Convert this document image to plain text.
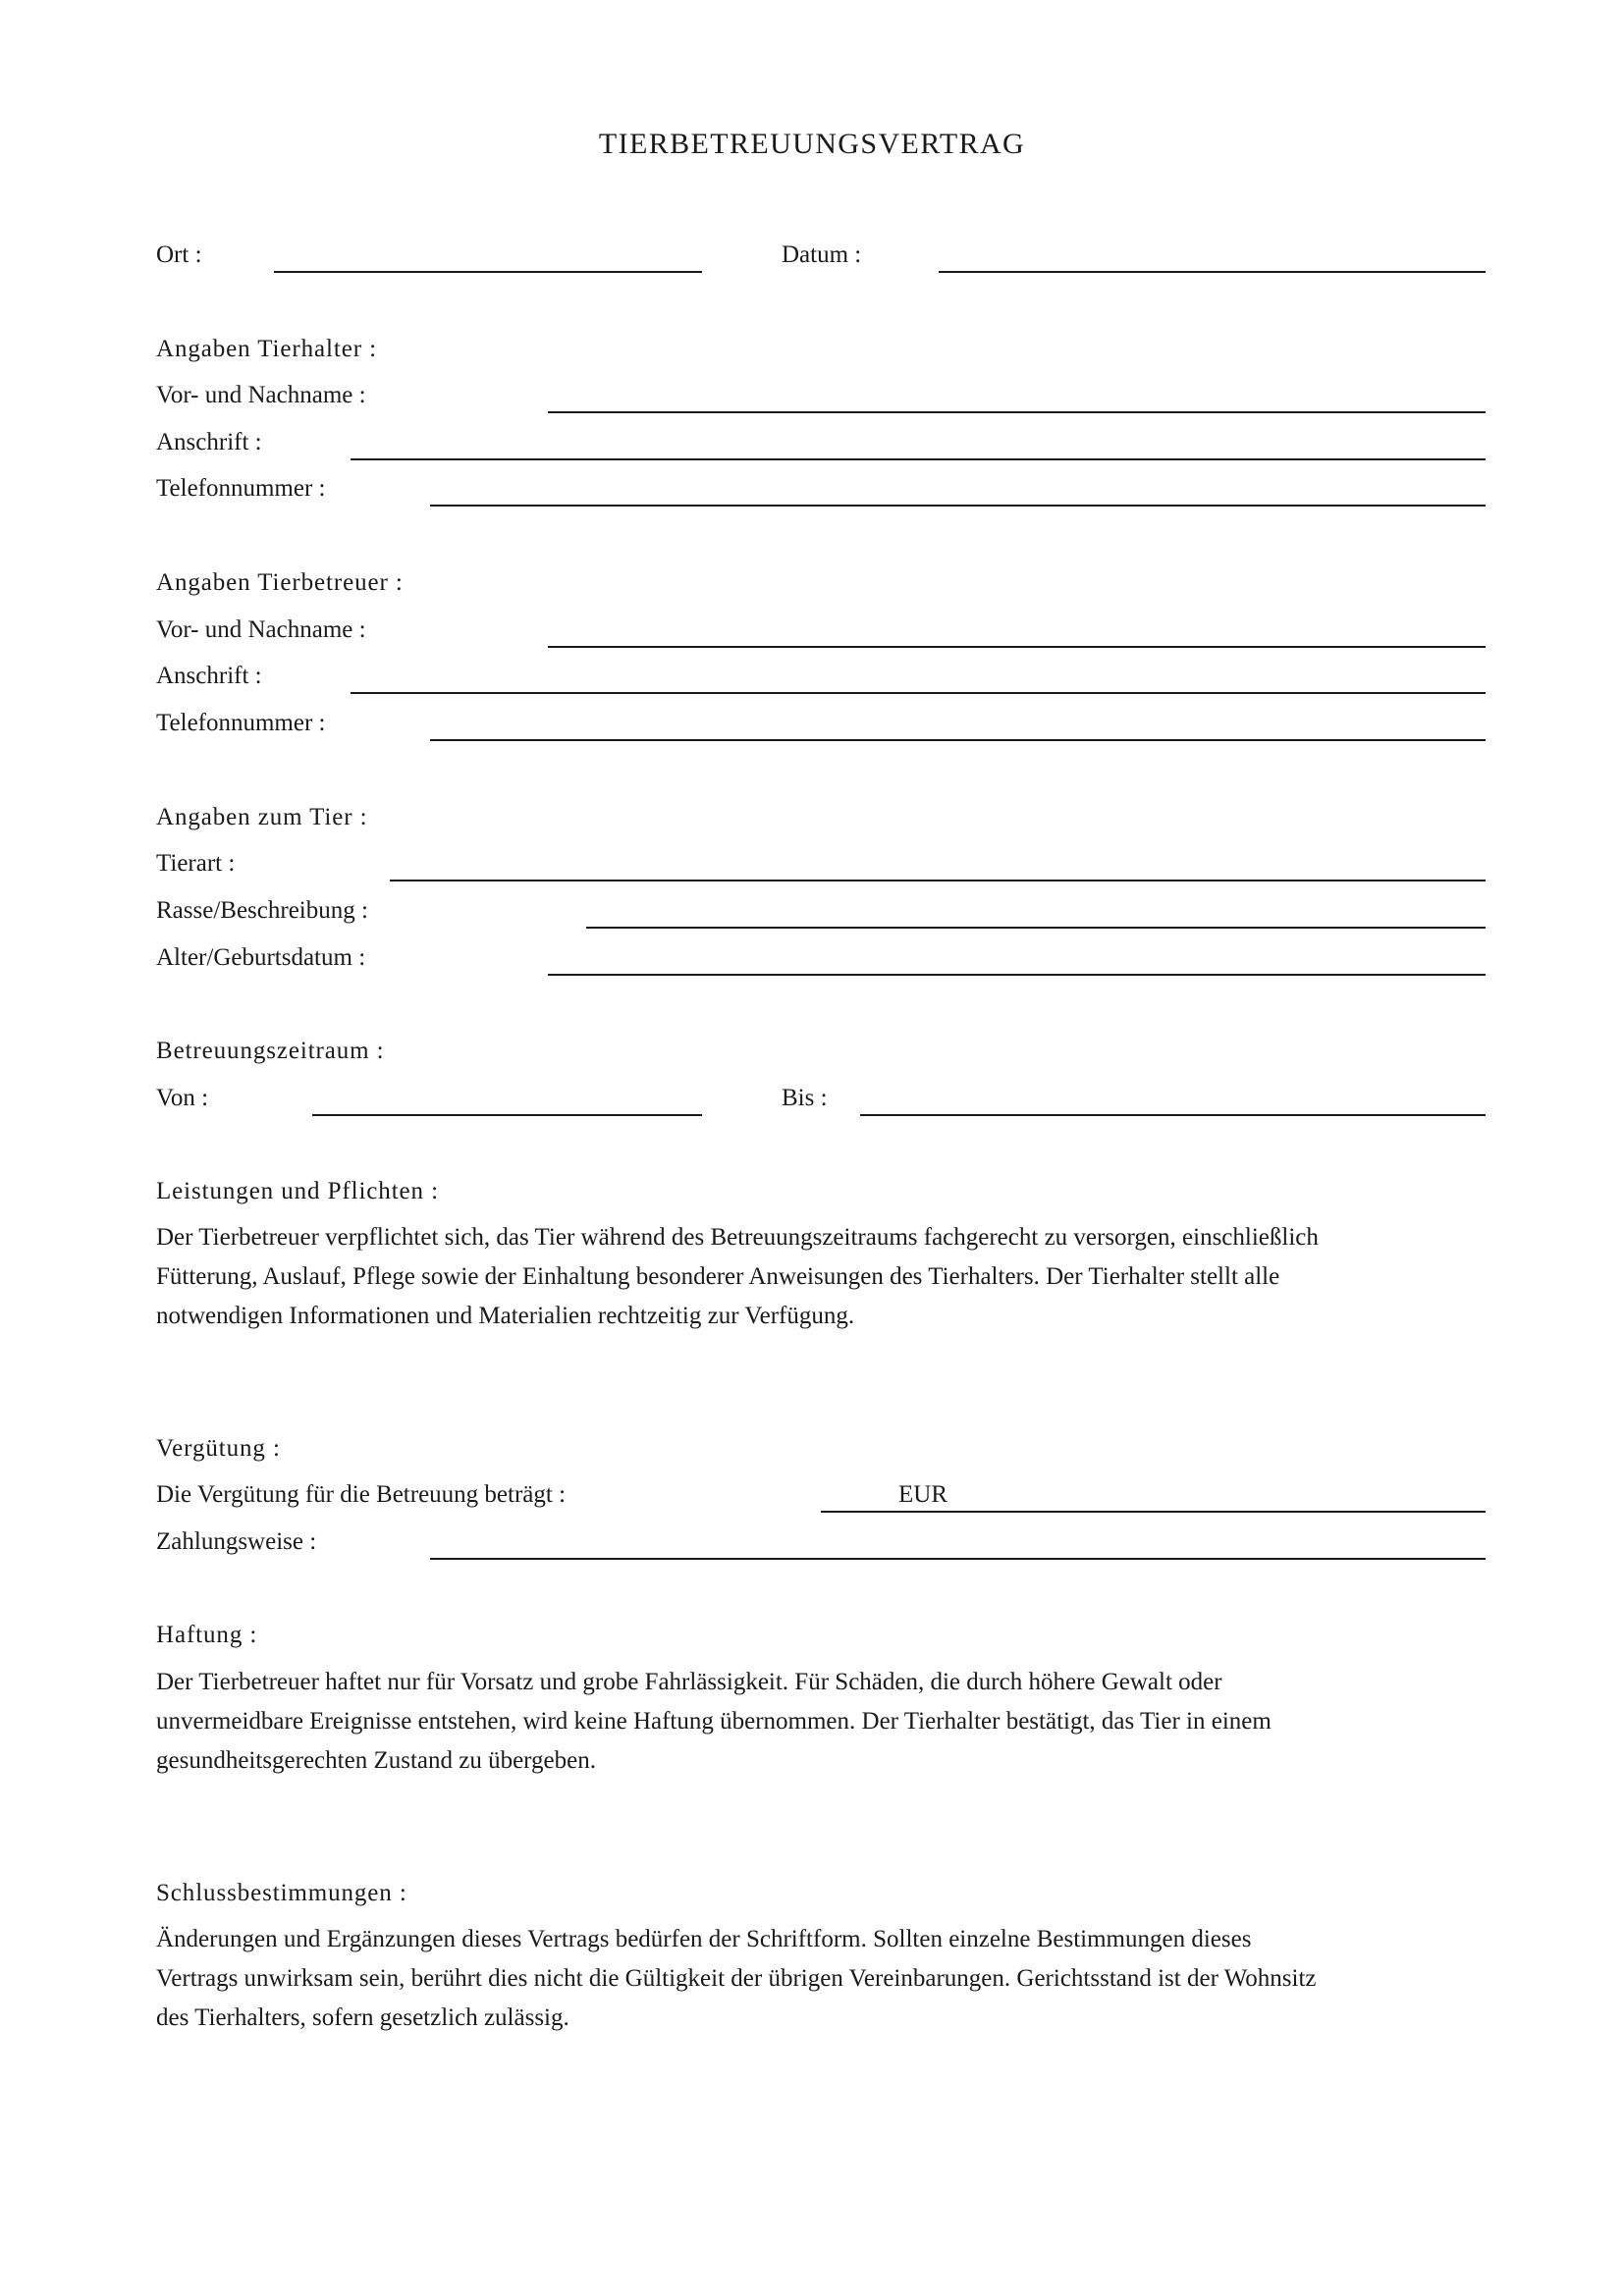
TIERBETREUUNGSVERTRAG
Ort :	Datum :
Angaben Tierhalter :
Vor- und Nachname :
Anschrift :
Telefonnummer :
Angaben Tierbetreuer :
Vor- und Nachname :
Anschrift :
Telefonnummer :
Angaben zum Tier :
Tierart :
Rasse/Beschreibung :
Alter/Geburtsdatum :
Betreuungszeitraum :
Von :	Bis :
Leistungen und Pflichten :
Der Tierbetreuer verpflichtet sich, das Tier während des Betreuungszeitraums fachgerecht zu versorgen, einschließlich
Fütterung, Auslauf, Pflege sowie der Einhaltung besonderer Anweisungen des Tierhalters. Der Tierhalter stellt alle
notwendigen Informationen und Materialien rechtzeitig zur Verfügung.
Vergütung :
Die Vergütung für die Betreuung beträgt :	EUR
Zahlungsweise :
Haftung :
Der Tierbetreuer haftet nur für Vorsatz und grobe Fahrlässigkeit. Für Schäden, die durch höhere Gewalt oder
unvermeidbare Ereignisse entstehen, wird keine Haftung übernommen. Der Tierhalter bestätigt, das Tier in einem
gesundheitsgerechten Zustand zu übergeben.
Schlussbestimmungen :
Änderungen und Ergänzungen dieses Vertrags bedürfen der Schriftform. Sollten einzelne Bestimmungen dieses
Vertrags unwirksam sein, berührt dies nicht die Gültigkeit der übrigen Vereinbarungen. Gerichtsstand ist der Wohnsitz
des Tierhalters, sofern gesetzlich zulässig.
